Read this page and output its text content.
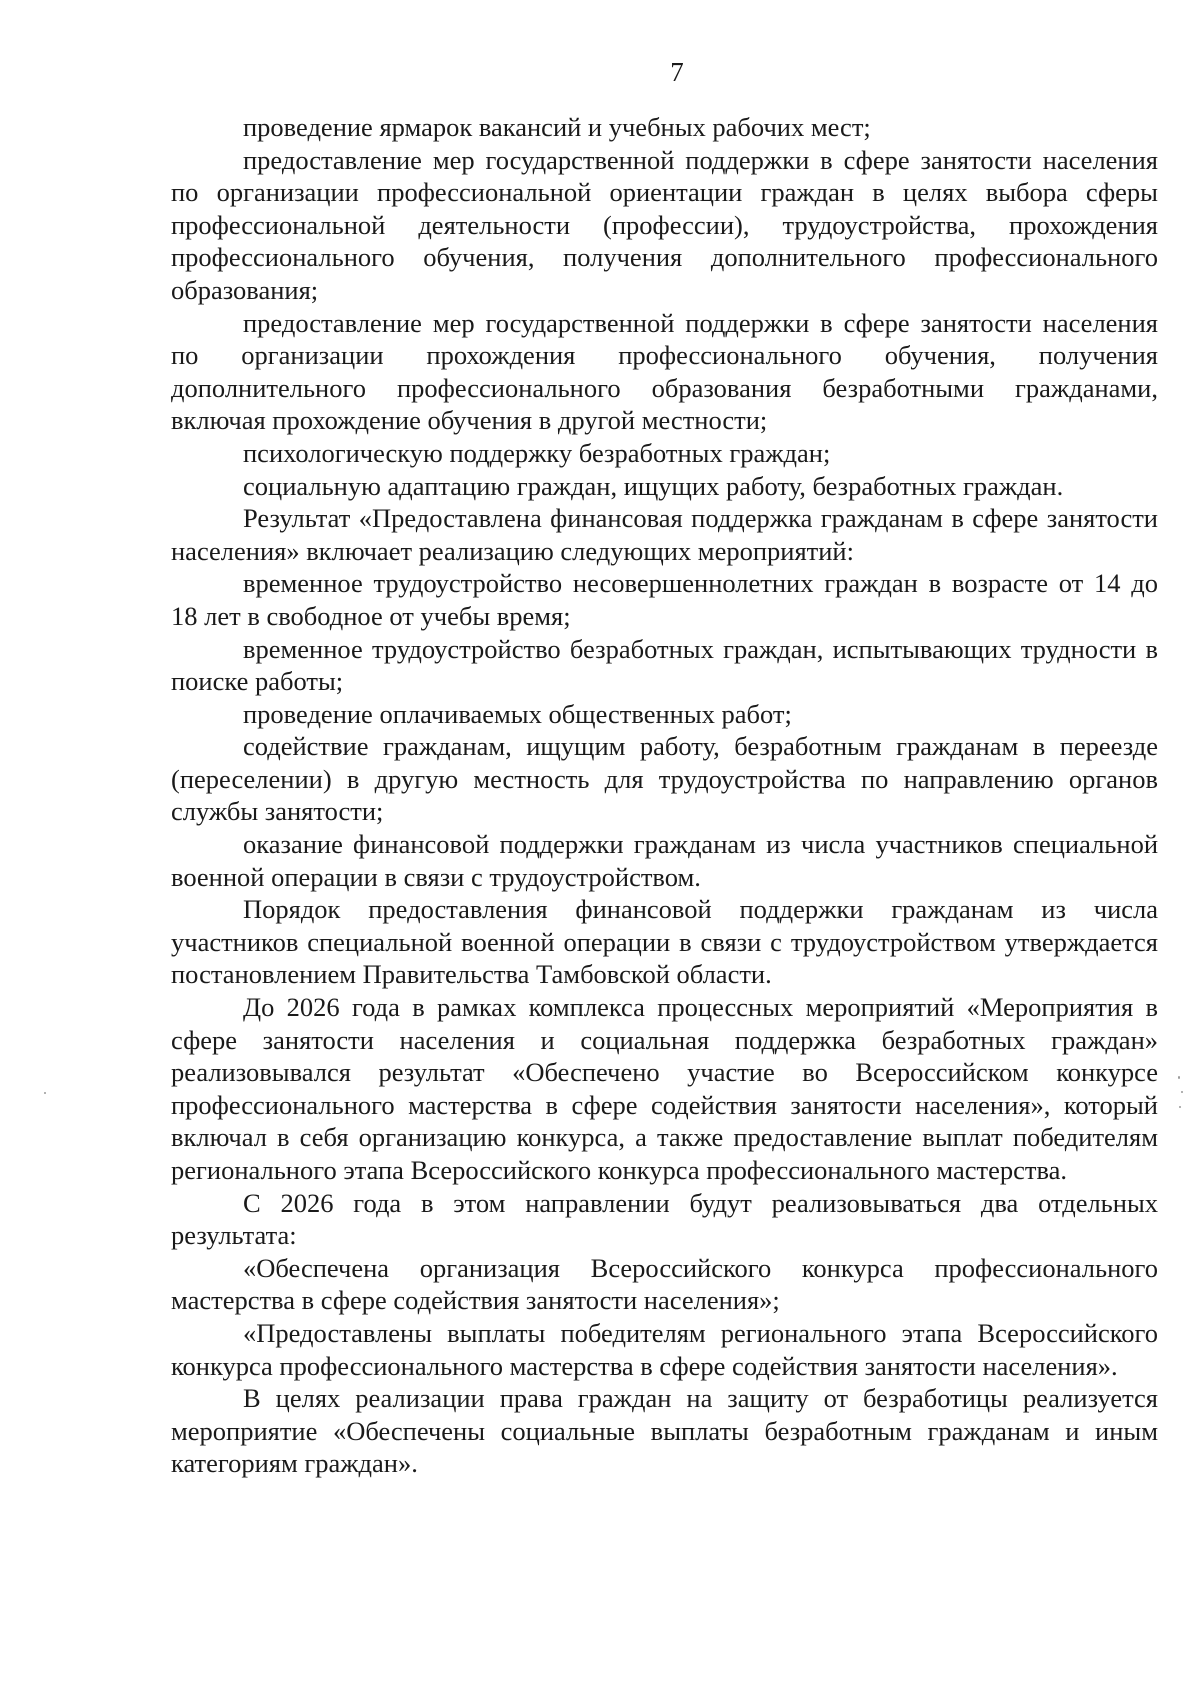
7

проведение ярмарок вакансий и учебных рабочих мест;

предоставление мер государственной поддержки в сфере занятости населения по организации профессиональной ориентации граждан в целях выбора сферы профессиональной деятельности (профессии), трудоустройства, прохождения профессионального обучения, получения дополнительного профессионального образования;

предоставление мер государственной поддержки в сфере занятости населения по организации прохождения профессионального обучения, получения дополнительного профессионального образования безработными гражданами, включая прохождение обучения в другой местности;

психологическую поддержку безработных граждан;

социальную адаптацию граждан, ищущих работу, безработных граждан.

Результат «Предоставлена финансовая поддержка гражданам в сфере занятости населения» включает реализацию следующих мероприятий:

временное трудоустройство несовершеннолетних граждан в возрасте от 14 до 18 лет в свободное от учебы время;

временное трудоустройство безработных граждан, испытывающих трудности в поиске работы;

проведение оплачиваемых общественных работ;

содействие гражданам, ищущим работу, безработным гражданам в переезде (переселении) в другую местность для трудоустройства по направлению органов службы занятости;

оказание финансовой поддержки гражданам из числа участников специальной военной операции в связи с трудоустройством.

Порядок предоставления финансовой поддержки гражданам из числа участников специальной военной операции в связи с трудоустройством утверждается постановлением Правительства Тамбовской области.

До 2026 года в рамках комплекса процессных мероприятий «Мероприятия в сфере занятости населения и социальная поддержка безработных граждан» реализовывался результат «Обеспечено участие во Всероссийском конкурсе профессионального мастерства в сфере содействия занятости населения», который включал в себя организацию конкурса, а также предоставление выплат победителям регионального этапа Всероссийского конкурса профессионального мастерства.

С 2026 года в этом направлении будут реализовываться два отдельных результата:

«Обеспечена организация Всероссийского конкурса профессионального мастерства в сфере содействия занятости населения»;

«Предоставлены выплаты победителям регионального этапа Всероссийского конкурса профессионального мастерства в сфере содействия занятости населения».

В целях реализации права граждан на защиту от безработицы реализуется мероприятие «Обеспечены социальные выплаты безработным гражданам и иным категориям граждан».
